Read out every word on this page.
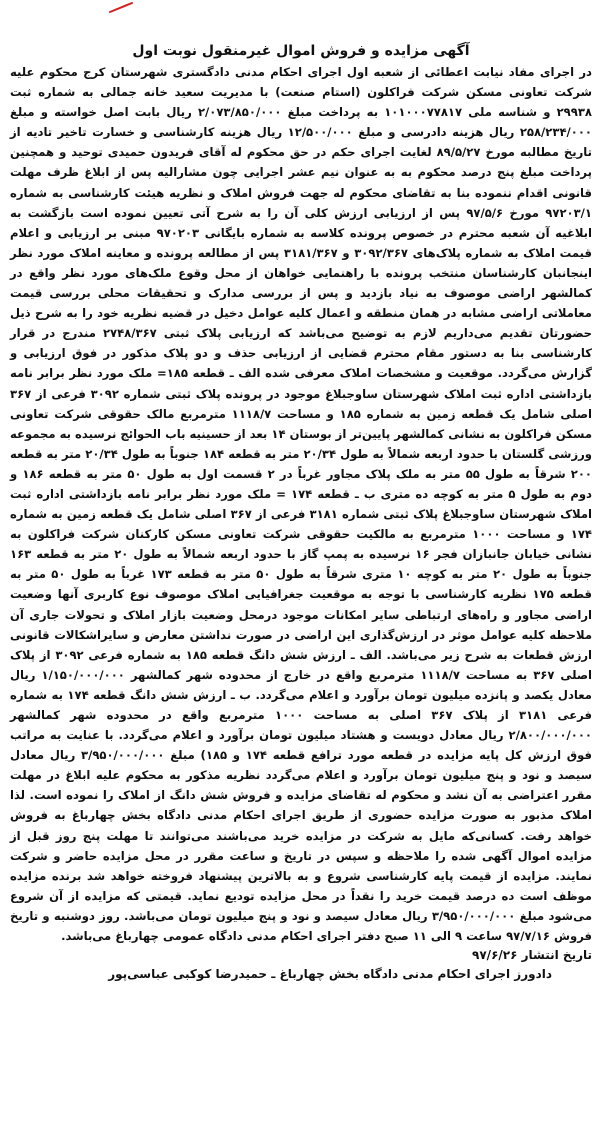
آگهی مزایده و فروش اموال غیرمنقول نوبت اول

در اجرای مفاد نیابت اعطائی از شعبه اول اجرای احکام مدنی دادگستری شهرستان کرج محکوم علیه شرکت تعاونی مسکن شرکت فراکلون (استام صنعت) با مدیریت سعید خانه جمالی به شماره ثبت ۲۹۹۳۸ و شناسه ملی ۱۰۱۰۰۰۷۷۸۱۷ به پرداخت مبلغ ۲/۰۷۳/۸۵۰/۰۰۰ ریال بابت اصل خواسته و مبلغ ۲۵۸/۲۳۴/۰۰۰ ریال هزینه دادرسی و مبلغ ۱۲/۵۰۰/۰۰۰ ریال هزینه کارشناسی و خسارت تاخیر تادیه از تاریخ مطالبه مورخ ۸۹/۵/۲۷ لغایت اجرای حکم در حق محکوم له آقای فریدون حمیدی توحید و همچنین پرداخت مبلغ پنج درصد محکوم به به عنوان نیم عشر اجرایی چون مشارالیه پس از ابلاغ ظرف مهلت قانونی اقدام ننموده بنا به تقاضای محکوم له جهت فروش املاک و نظریه هیئت کارشناسی به شماره ۹۷۲۰۳/۱ مورخ ۹۷/۵/۶ پس از ارزیابی ارزش کلی آن را به شرح آتی تعیین نموده است بازگشت به ابلاغیه آن شعبه محترم در خصوص پرونده کلاسه به شماره بایگانی ۹۷۰۲۰۳ مبنی بر ارزیابی و اعلام قیمت املاک به شماره پلاک‌های ۳۰۹۲/۳۶۷ و ۳۱۸۱/۳۶۷ پس از مطالعه پرونده و معاینه املاک مورد نظر اینجانبان کارشناسان منتخب پرونده با راهنمایی خواهان از محل وقوع ملک‌های مورد نظر واقع در کمالشهر اراضی موصوف به نیاد بازدید و پس از بررسی مدارک و تحقیقات محلی بررسی قیمت معاملاتی اراضی مشابه در همان منطقه و اعمال کلیه عوامل دخیل در قضیه نظریه خود را به شرح ذیل حضورتان تقدیم می‌داریم لازم به توضیح می‌باشد که ارزیابی پلاک ثبتی ۲۷۴۸/۳۶۷ مندرج در قرار کارشناسی بنا به دستور مقام محترم قضایی از ارزیابی حذف و دو پلاک مذکور در فوق ارزیابی و گزارش می‌گردد. موقعیت و مشخصات املاک معرفی شده الف ـ قطعه ۱۸۵= ملک مورد نظر برابر نامه بازداشتی اداره ثبت املاک شهرستان ساوجبلاغ موجود در پرونده پلاک ثبتی شماره ۳۰۹۲ فرعی از ۳۶۷ اصلی شامل یک قطعه زمین به شماره ۱۸۵ و مساحت ۱۱۱۸/۷ مترمربع مالک حقوقی شرکت تعاونی مسکن فراکلون به نشانی کمالشهر پایین‌تر از بوستان ۱۴ بعد از حسینیه باب الحوائج نرسیده به مجموعه ورزشی گلستان با حدود اربعه شمالاً به طول ۲۰/۳۴ متر به قطعه ۱۸۴ جنوباً به طول ۲۰/۳۴ متر به قطعه ۲۰۰ شرقاً به طول ۵۵ متر به ملک پلاک مجاور غرباً در ۲ قسمت اول به طول ۵۰ متر به قطعه ۱۸۶ و دوم به طول ۵ متر به کوچه ده متری ب ـ قطعه ۱۷۴ = ملک مورد نظر برابر نامه بازداشتی اداره ثبت املاک شهرستان ساوجبلاغ پلاک ثبتی شماره ۳۱۸۱ فرعی از ۳۶۷ اصلی شامل یک قطعه زمین به شماره ۱۷۴ و مساحت ۱۰۰۰ مترمربع به مالکیت حقوقی شرکت تعاونی مسکن کارکنان شرکت فراکلون به نشانی خیابان جانبازان فجر ۱۶ نرسیده به پمپ گاز با حدود اربعه شمالاً به طول ۲۰ متر به قطعه ۱۶۳ جنوباً به طول ۲۰ متر به کوچه ۱۰ متری شرقاً به طول ۵۰ متر به قطعه ۱۷۳ غرباً به طول ۵۰ متر به قطعه ۱۷۵ نظریه کارشناسی با توجه به موقعیت جغرافیایی املاک موصوف نوع کاربری آنها وضعیت اراضی مجاور و راه‌های ارتباطی سایر امکانات موجود درمحل وضعیت بازار املاک و تحولات جاری آن ملاحظه کلیه عوامل موثر در ارزش‌گذاری این اراضی در صورت نداشتن معارض و سایراشکالات قانونی ارزش قطعات به شرح زیر می‌باشد. الف ـ ارزش شش دانگ قطعه ۱۸۵ به شماره فرعی ۳۰۹۲ از پلاک اصلی ۳۶۷ به مساحت ۱۱۱۸/۷ مترمربع واقع در خارج از محدوده شهر کمالشهر ۱/۱۵۰/۰۰۰/۰۰۰ ریال معادل یکصد و پانزده میلیون تومان برآورد و اعلام می‌گردد. ب ـ ارزش شش دانگ قطعه ۱۷۴ به شماره فرعی ۳۱۸۱ از پلاک ۳۶۷ اصلی به مساحت ۱۰۰۰ مترمربع واقع در محدوده شهر کمالشهر ۲/۸۰۰/۰۰۰/۰۰۰ ریال معادل دویست و هشتاد میلیون تومان برآورد و اعلام می‌گردد. با عنایت به مراتب فوق ارزش کل پایه مزایده در قطعه مورد ترافع قطعه ۱۷۴ و ۱۸۵) مبلغ ۳/۹۵۰/۰۰۰/۰۰۰ ریال معادل سیصد و نود و پنج میلیون تومان برآورد و اعلام می‌گردد نظریه مذکور به محکوم علیه ابلاغ در مهلت مقرر اعتراضی به آن نشد و محکوم له تقاضای مزایده و فروش شش دانگ از املاک را نموده است. لذا املاک مذبور به صورت مزایده حضوری از طریق اجرای احکام مدنی دادگاه بخش چهارباغ به فروش خواهد رفت. کسانی‌که مایل به شرکت در مزایده خرید می‌باشند می‌توانند تا مهلت پنج روز قبل از مزایده اموال آگهی شده را ملاحظه و سپس در تاریخ و ساعت مقرر در محل مزایده حاضر و شرکت نمایند. مزایده از قیمت پایه کارشناسی شروع و به بالاترین پیشنهاد فروخته خواهد شد برنده مزایده موظف است ده درصد قیمت خرید را نقداً در محل مزایده تودیع نماید. قیمتی که مزایده از آن شروع می‌شود مبلغ ۳/۹۵۰/۰۰۰/۰۰۰ ریال معادل سیصد و نود و پنج میلیون تومان می‌باشد. روز دوشنبه و تاریخ فروش ۹۷/۷/۱۶ ساعت ۹ الی ۱۱ صبح دفتر اجرای احکام مدنی دادگاه عمومی چهارباغ می‌باشد.

تاریخ انتشار ۹۷/۶/۲۶

دادورز اجرای احکام مدنی دادگاه بخش چهارباغ ـ حمیدرضا کوکبی عباسی‌پور
